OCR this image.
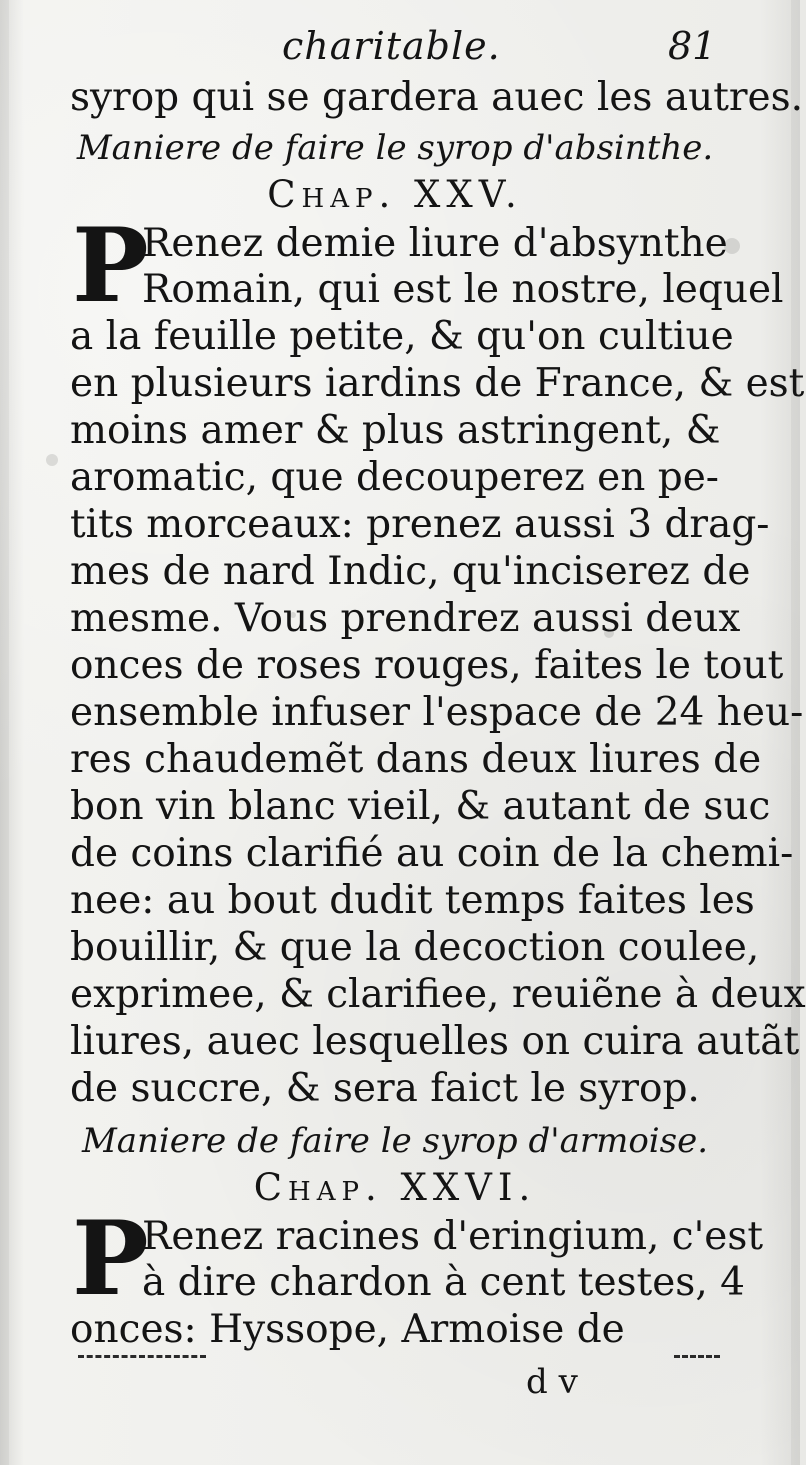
charitable.	81
syrop qui se gardera auec les autres.
Maniere de faire le syrop d'absinthe.
Chap. XXV.
Renez demie liure d'absynthe
Romain, qui est le nostre, lequel
a la feuille petite, & qu'on cultiue
en plusieurs iardins de France, & est
moins amer & plus astringent, &
aromatic, que decouperez en pe-
tits morceaux: prenez aussi 3 drag-
mes de nard Indic, qu'inciserez de
mesme. Vous prendrez aussi deux
onces de roses rouges, faites le tout
ensemble infuser l'espace de 24 heu-
res chaudemẽt dans deux liures de
bon vin blanc vieil, & autant de suc
de coins clarifié au coin de la chemi-
nee: au bout dudit temps faites les
bouillir, & que la decoction coulee,
exprimee, & clarifiee, reuiẽne à deux
liures, auec lesquelles on cuira autãt
de succre, & sera faict le syrop.
Maniere de faire le syrop d'armoise.
Chap. XXVI.
Renez racines d'eringium, c'est
à dire chardon à cent testes, 4
onces: Hyssope, Armoise de
P
P
d v
